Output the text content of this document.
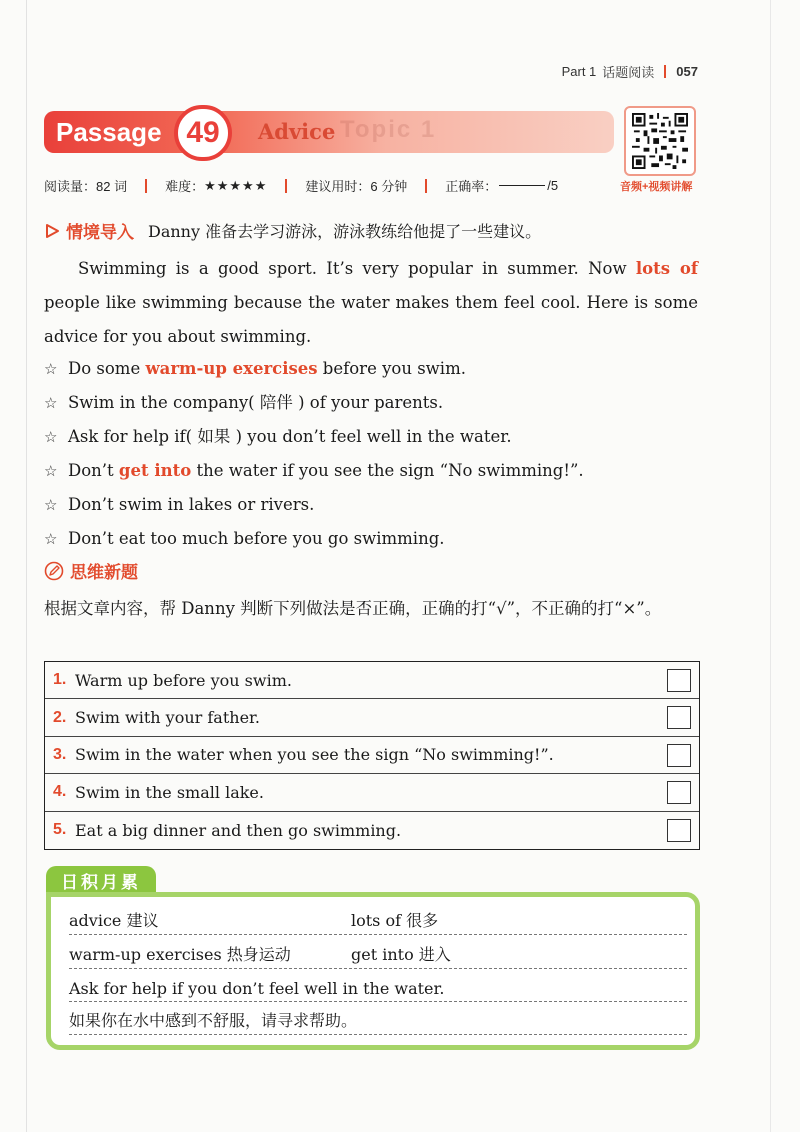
Part 1 话题阅读 057
Topic 1
Passage 49	Advice
音频+视频讲解
阅读量：82 词	难度： ★★★★★	建议用时：6 分钟	正确率：	/5
情境导入 Danny 准备去学习游泳，游泳教练给他提了一些建议。
Swimming is a good sport. It’s very popular in summer. Now lots of people like swimming because the water makes them feel cool. Here is some advice for you about swimming.
☆ Do some warm-up exercises before you swim.
☆ Swim in the company( 陪伴 ) of your parents.
☆ Ask for help if( 如果 ) you don’t feel well in the water.
☆ Don’t get into the water if you see the sign “No swimming!”.
☆ Don’t swim in lakes or rivers.
☆ Don’t eat too much before you go swimming.
思维新题
根据文章内容，帮 Danny 判断下列做法是否正确，正确的打“√”，不正确的打“×”。
1. Warm up before you swim.
2. Swim with your father.
3. Swim in the water when you see the sign “No swimming!”.
4. Swim in the small lake.
5. Eat a big dinner and then go swimming.
日积月累
advice 建议	lots of 很多
warm-up exercises 热身运动	get into 进入
Ask for help if you don’t feel well in the water.
如果你在水中感到不舒服，请寻求帮助。
